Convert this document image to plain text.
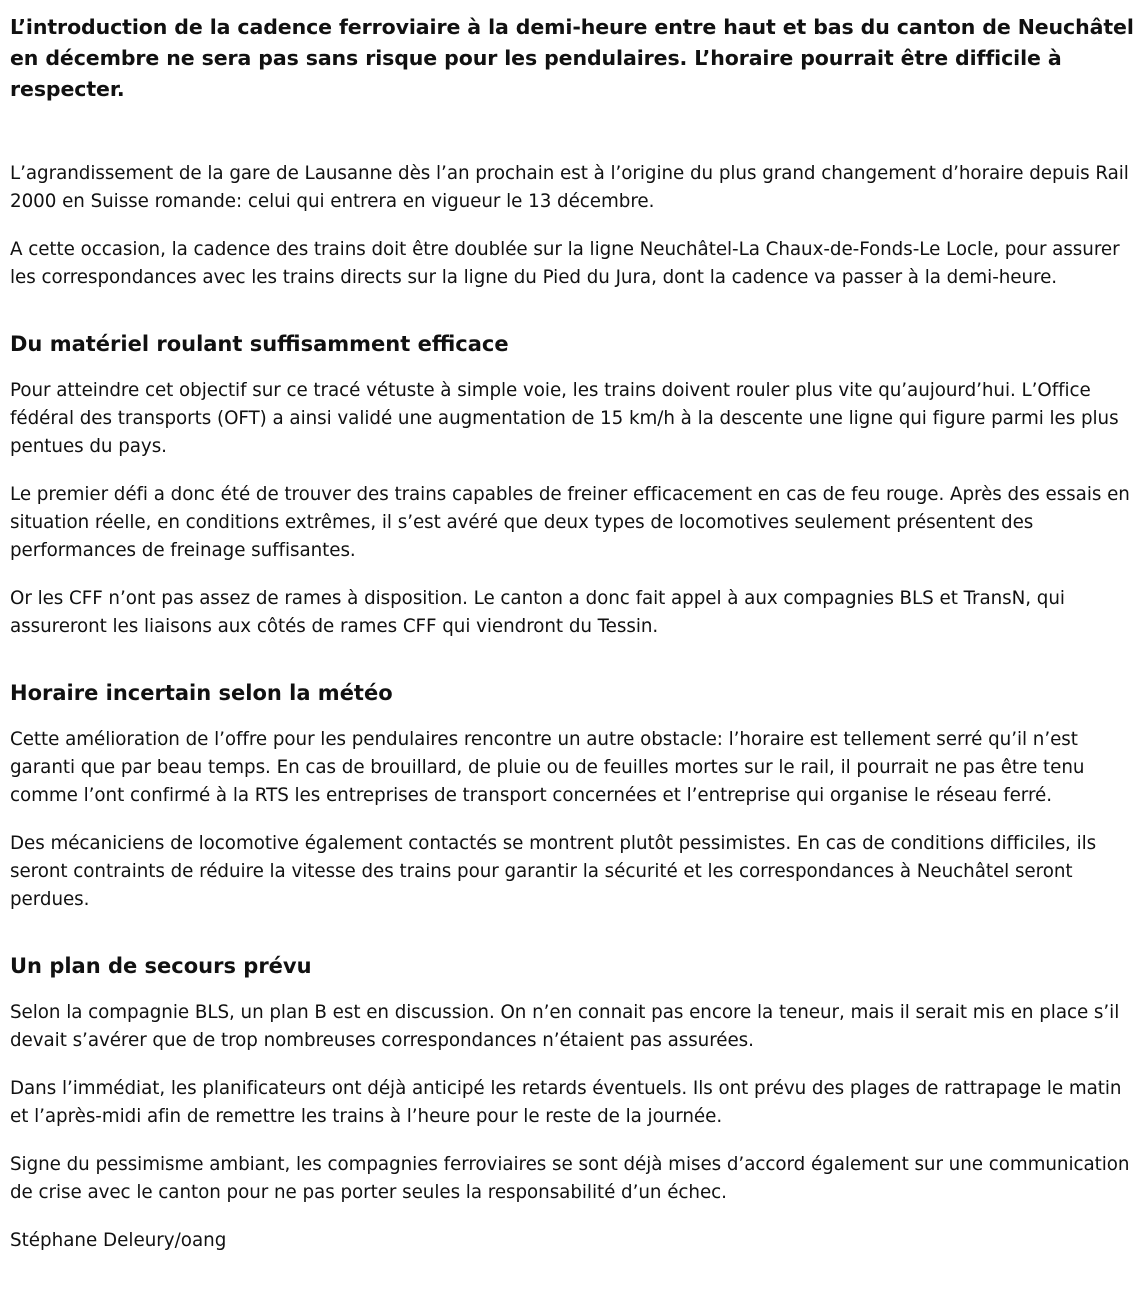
L’introduction de la cadence ferroviaire à la demi-heure entre haut et bas du canton de Neuchâtel en décembre ne sera pas sans risque pour les pendulaires. L’horaire pourrait être difficile à respecter.

L’agrandissement de la gare de Lausanne dès l’an prochain est à l’origine du plus grand changement d’horaire depuis Rail 2000 en Suisse romande: celui qui entrera en vigueur le 13 décembre.

A cette occasion, la cadence des trains doit être doublée sur la ligne Neuchâtel-La Chaux-de-Fonds-Le Locle, pour assurer les correspondances avec les trains directs sur la ligne du Pied du Jura, dont la cadence va passer à la demi-heure.

Du matériel roulant suffisamment efficace

Pour atteindre cet objectif sur ce tracé vétuste à simple voie, les trains doivent rouler plus vite qu’aujourd’hui. L’Office fédéral des transports (OFT) a ainsi validé une augmentation de 15 km/h à la descente une ligne qui figure parmi les plus pentues du pays.

Le premier défi a donc été de trouver des trains capables de freiner efficacement en cas de feu rouge. Après des essais en situation réelle, en conditions extrêmes, il s’est avéré que deux types de locomotives seulement présentent des performances de freinage suffisantes.

Or les CFF n’ont pas assez de rames à disposition. Le canton a donc fait appel à aux compagnies BLS et TransN, qui assureront les liaisons aux côtés de rames CFF qui viendront du Tessin.

Horaire incertain selon la météo

Cette amélioration de l’offre pour les pendulaires rencontre un autre obstacle: l’horaire est tellement serré qu’il n’est garanti que par beau temps. En cas de brouillard, de pluie ou de feuilles mortes sur le rail, il pourrait ne pas être tenu comme l’ont confirmé à la RTS les entreprises de transport concernées et l’entreprise qui organise le réseau ferré.

Des mécaniciens de locomotive également contactés se montrent plutôt pessimistes. En cas de conditions difficiles, ils seront contraints de réduire la vitesse des trains pour garantir la sécurité et les correspondances à Neuchâtel seront perdues.

Un plan de secours prévu

Selon la compagnie BLS, un plan B est en discussion. On n’en connait pas encore la teneur, mais il serait mis en place s’il devait s’avérer que de trop nombreuses correspondances n’étaient pas assurées.

Dans l’immédiat, les planificateurs ont déjà anticipé les retards éventuels. Ils ont prévu des plages de rattrapage le matin et l’après-midi afin de remettre les trains à l’heure pour le reste de la journée.

Signe du pessimisme ambiant, les compagnies ferroviaires se sont déjà mises d’accord également sur une communication de crise avec le canton pour ne pas porter seules la responsabilité d’un échec.

Stéphane Deleury/oang
